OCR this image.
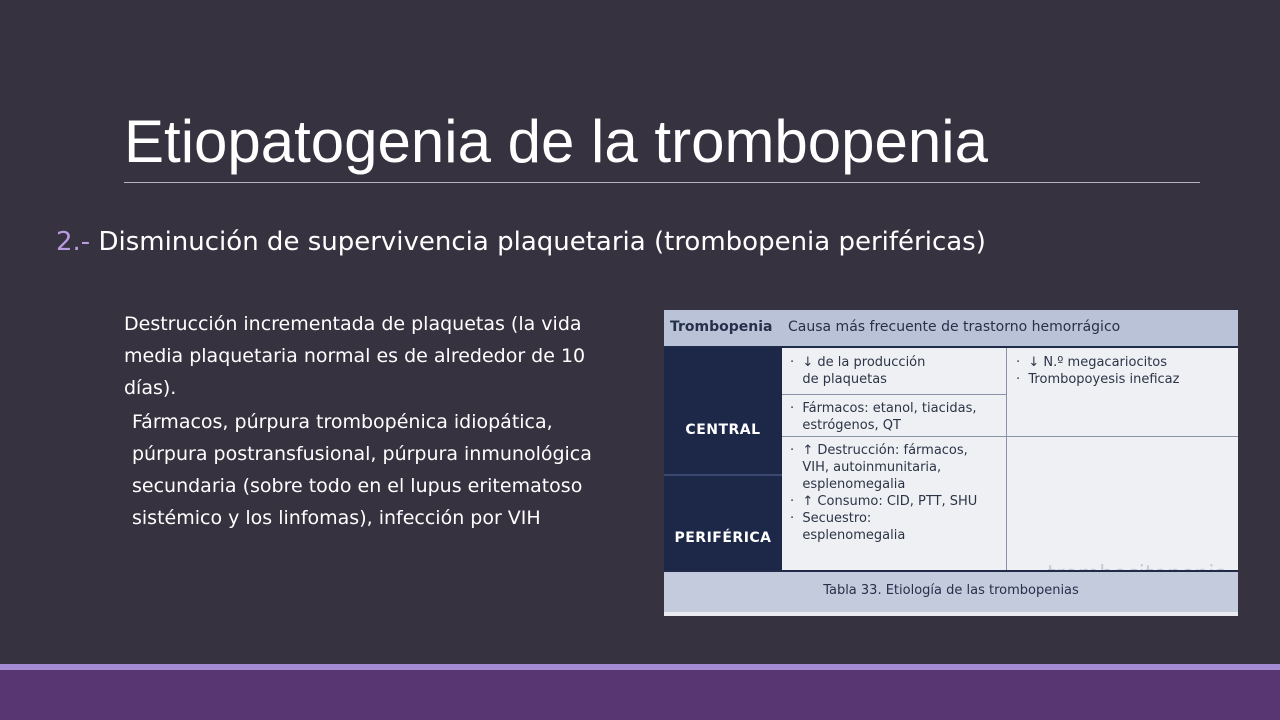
Etiopatogenia de la trombopenia
2.- Disminución de supervivencia plaquetaria (trombopenia periféricas)

Destrucción incrementada de plaquetas (la vida media plaquetaria normal es de alrededor de 10 días).

Fármacos, púrpura trombopénica idiopática, púrpura postransfusional, púrpura inmunológica secundaria (sobre todo en el lupus eritematoso sistémico y los linfomas), infección por VIH

Trombopenia Causa más frecuente de trastorno hemorrágico
CENTRAL
PERIFÉRICA
·  ↓ de la producción
de plaquetas
·  ↓ N.º megacariocitos
·  Trombopoyesis ineficaz
·  Fármacos: etanol, tiacidas,
estrógenos, QT
·  ↑ Destrucción: fármacos,
VIH, autoinmunitaria,
esplenomegalia
·  ↑ Consumo: CID, PTT, SHU
·  Secuestro:
esplenomegalia
Tabla 33. Etiología de las trombopenias
